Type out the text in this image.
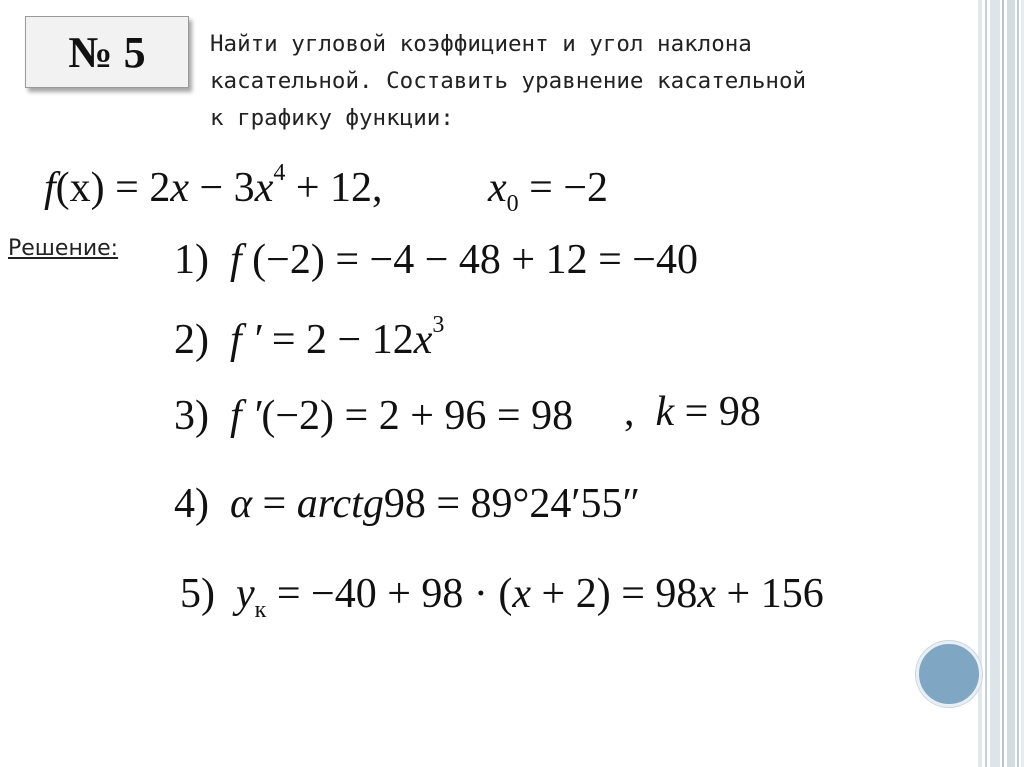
№ 5	Найти угловой коэффициент и угол наклона
касательной. Составить уравнение касательной
к графику функции:
$f(x) = 2x - 3x^4 + 12$,	$x_0 = -2$
Решение: 1) f (−2) = −4 − 48 + 12 = −40
2) f ′ = $2 - 12x^3$
3) f ′(−2) = 2 + 96 = 98 , k = 98
4) α = arctg98 = 89°24′55″
5) $y_к = -40 + 98 \cdot (x + 2) = 98x + 156$
